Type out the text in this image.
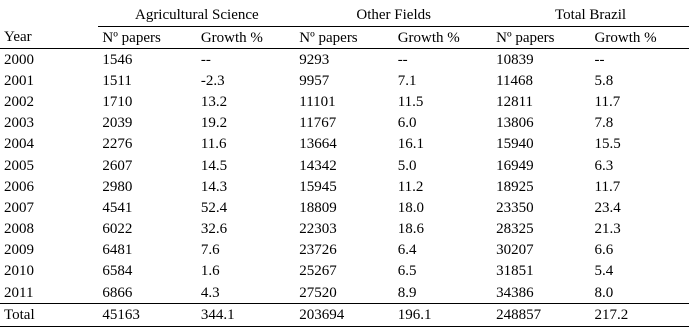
	Agricultural Science		Other Fields		Total Brazil	
Year	Nº papers	Growth %	Nº papers	Growth %	Nº papers	Growth %
2000	1546	--	9293	--	10839	--
2001	1511	-2.3	9957	7.1	11468	5.8
2002	1710	13.2	11101	11.5	12811	11.7
2003	2039	19.2	11767	6.0	13806	7.8
2004	2276	11.6	13664	16.1	15940	15.5
2005	2607	14.5	14342	5.0	16949	6.3
2006	2980	14.3	15945	11.2	18925	11.7
2007	4541	52.4	18809	18.0	23350	23.4
2008	6022	32.6	22303	18.6	28325	21.3
2009	6481	7.6	23726	6.4	30207	6.6
2010	6584	1.6	25267	6.5	31851	5.4
2011	6866	4.3	27520	8.9	34386	8.0
Total	45163	344.1	203694	196.1	248857	217.2
